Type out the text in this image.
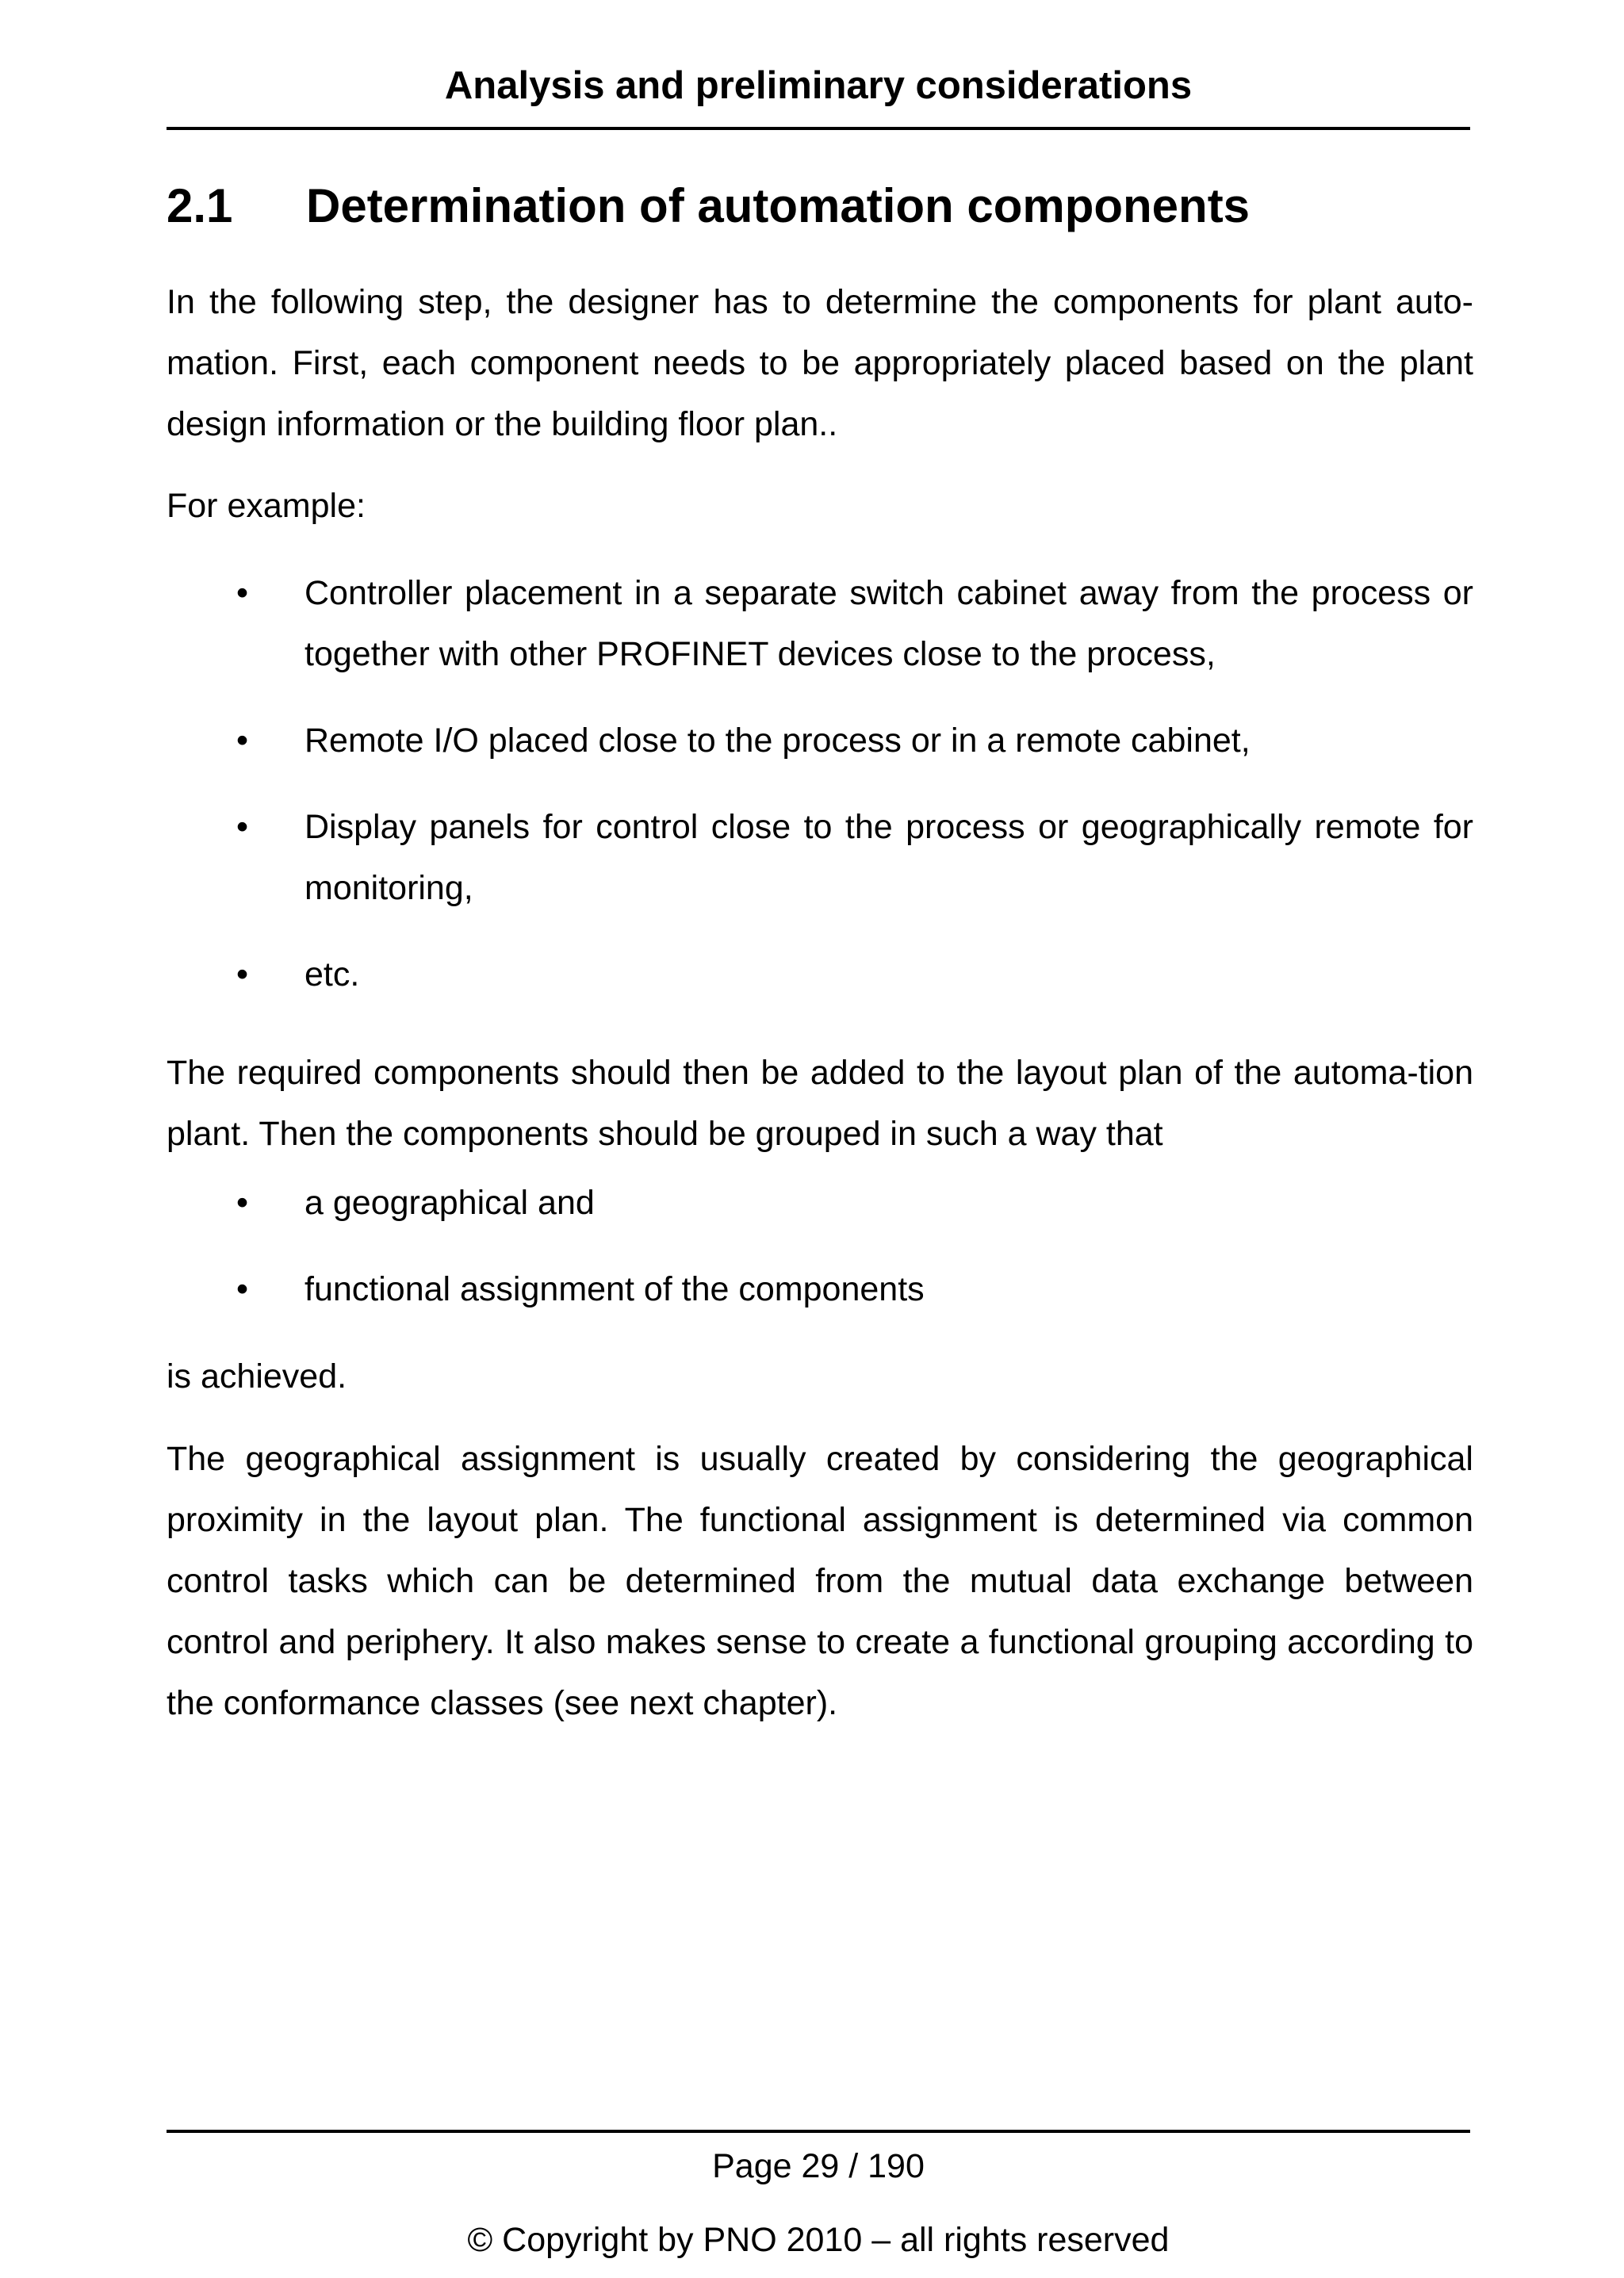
Analysis and preliminary considerations
2.1 Determination of automation components

In the following step, the designer has to determine the components for plant auto-mation. First, each component needs to be appropriately placed based on the plant design information or the building floor plan..

For example:

•	Controller placement in a separate switch cabinet away from the process or together with other PROFINET devices close to the process,
•	Remote I/O placed close to the process or in a remote cabinet,
•	Display panels for control close to the process or geographically remote for monitoring,
•	etc.

The required components should then be added to the layout plan of the automa-tion plant. Then the components should be grouped in such a way that

•	a geographical and
•	functional assignment of the components

is achieved.

The geographical assignment is usually created by considering the geographical proximity in the layout plan. The functional assignment is determined via common control tasks which can be determined from the mutual data exchange between control and periphery. It also makes sense to create a functional grouping according to the conformance classes (see next chapter).

Page 29 / 190
© Copyright by PNO 2010 – all rights reserved
